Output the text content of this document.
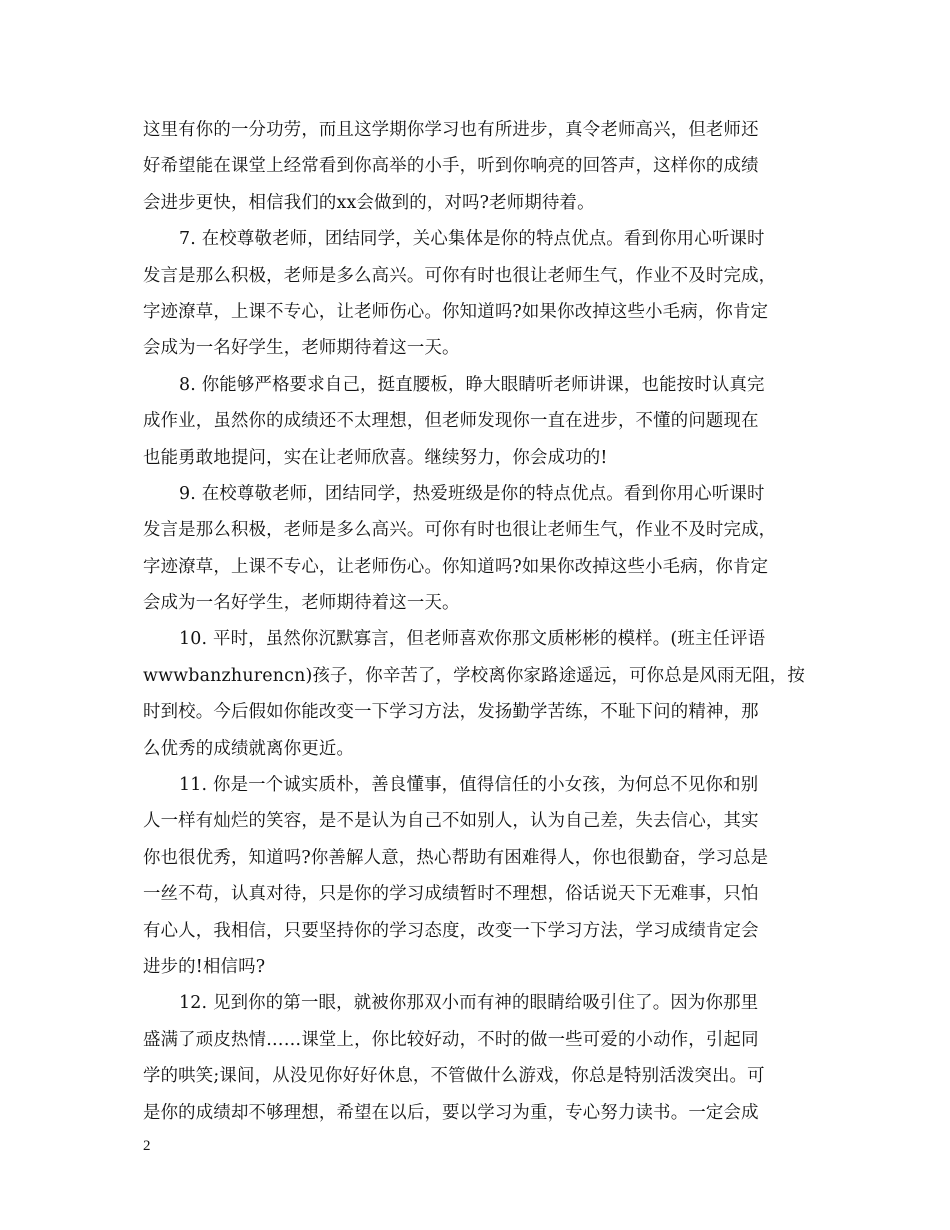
这里有你的一分功劳，而且这学期你学习也有所进步，真令老师高兴，但老师还
好希望能在课堂上经常看到你高举的小手，听到你响亮的回答声，这样你的成绩
会进步更快，相信我们的xx会做到的，对吗?老师期待着。
7. 在校尊敬老师，团结同学，关心集体是你的特点优点。看到你用心听课时
发言是那么积极，老师是多么高兴。可你有时也很让老师生气，作业不及时完成，
字迹潦草，上课不专心，让老师伤心。你知道吗?如果你改掉这些小毛病，你肯定
会成为一名好学生，老师期待着这一天。
8. 你能够严格要求自己，挺直腰板，睁大眼睛听老师讲课，也能按时认真完
成作业，虽然你的成绩还不太理想，但老师发现你一直在进步，不懂的问题现在
也能勇敢地提问，实在让老师欣喜。继续努力，你会成功的!
9. 在校尊敬老师，团结同学，热爱班级是你的特点优点。看到你用心听课时
发言是那么积极，老师是多么高兴。可你有时也很让老师生气，作业不及时完成，
字迹潦草，上课不专心，让老师伤心。你知道吗?如果你改掉这些小毛病，你肯定
会成为一名好学生，老师期待着这一天。
10. 平时，虽然你沉默寡言，但老师喜欢你那文质彬彬的模样。(班主任评语
wwwbanzhurencn)孩子，你辛苦了，学校离你家路途遥远，可你总是风雨无阻，按
时到校。今后假如你能改变一下学习方法，发扬勤学苦练，不耻下问的精神，那
么优秀的成绩就离你更近。
11. 你是一个诚实质朴，善良懂事，值得信任的小女孩，为何总不见你和别
人一样有灿烂的笑容，是不是认为自己不如别人，认为自己差，失去信心，其实
你也很优秀，知道吗?你善解人意，热心帮助有困难得人，你也很勤奋，学习总是
一丝不苟，认真对待，只是你的学习成绩暂时不理想，俗话说天下无难事，只怕
有心人，我相信，只要坚持你的学习态度，改变一下学习方法，学习成绩肯定会
进步的!相信吗?
12. 见到你的第一眼，就被你那双小而有神的眼睛给吸引住了。因为你那里
盛满了顽皮热情……课堂上，你比较好动，不时的做一些可爱的小动作，引起同
学的哄笑;课间，从没见你好好休息，不管做什么游戏，你总是特别活泼突出。可
是你的成绩却不够理想，希望在以后，要以学习为重，专心努力读书。一定会成
2
